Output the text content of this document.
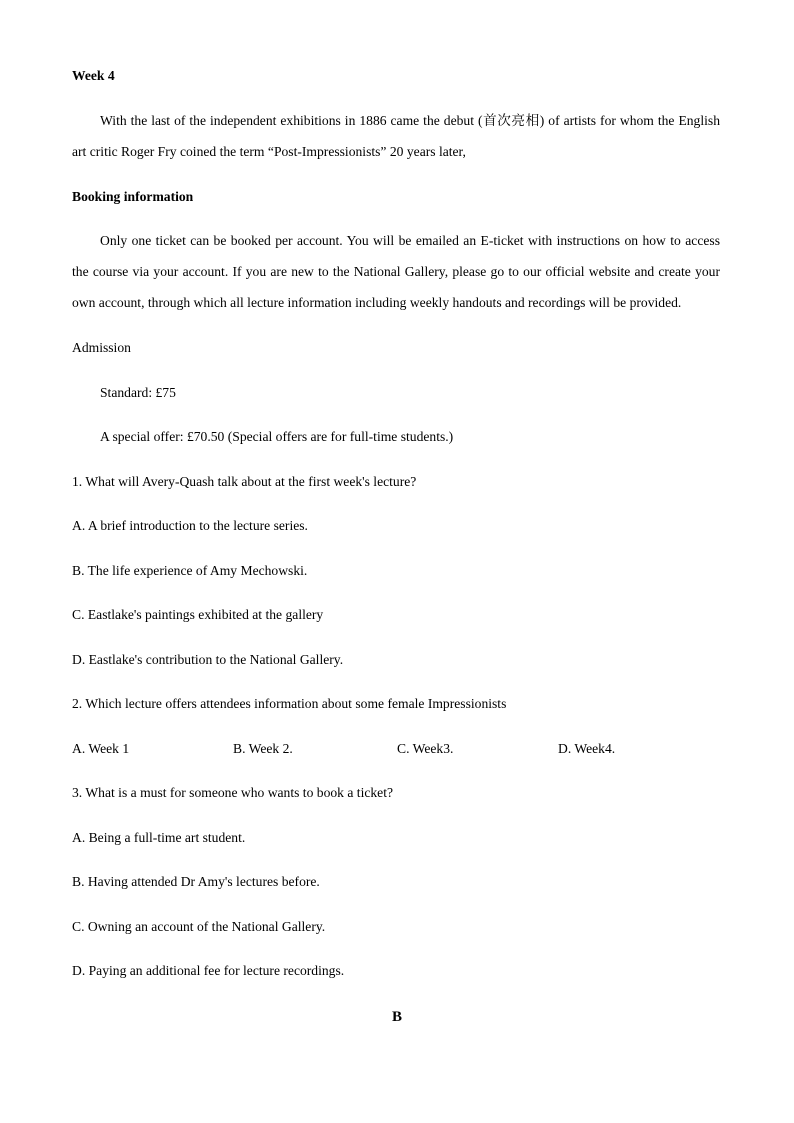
Week 4
With the last of the independent exhibitions in 1886 came the debut (首次亮相) of artists for whom the English
art critic Roger Fry coined the term “Post-Impressionists” 20 years later,
Booking information
Only one ticket can be booked per account. You will be emailed an E-ticket with instructions on how to access
the course via your account. If you are new to the National Gallery, please go to our official website and create your
own account, through which all lecture information including weekly handouts and recordings will be provided.
Admission
Standard: £75
A special offer: £70.50 (Special offers are for full-time students.)
1. What will Avery-Quash talk about at the first week's lecture?
A. A brief introduction to the lecture series.
B. The life experience of Amy Mechowski.
C. Eastlake's paintings exhibited at the gallery
D. Eastlake's contribution to the National Gallery.
2. Which lecture offers attendees information about some female Impressionists
A. Week 1	B. Week 2.	C. Week3.	D. Week4.
3. What is a must for someone who wants to book a ticket?
A. Being a full-time art student.
B. Having attended Dr Amy's lectures before.
C. Owning an account of the National Gallery.
D. Paying an additional fee for lecture recordings.
B
